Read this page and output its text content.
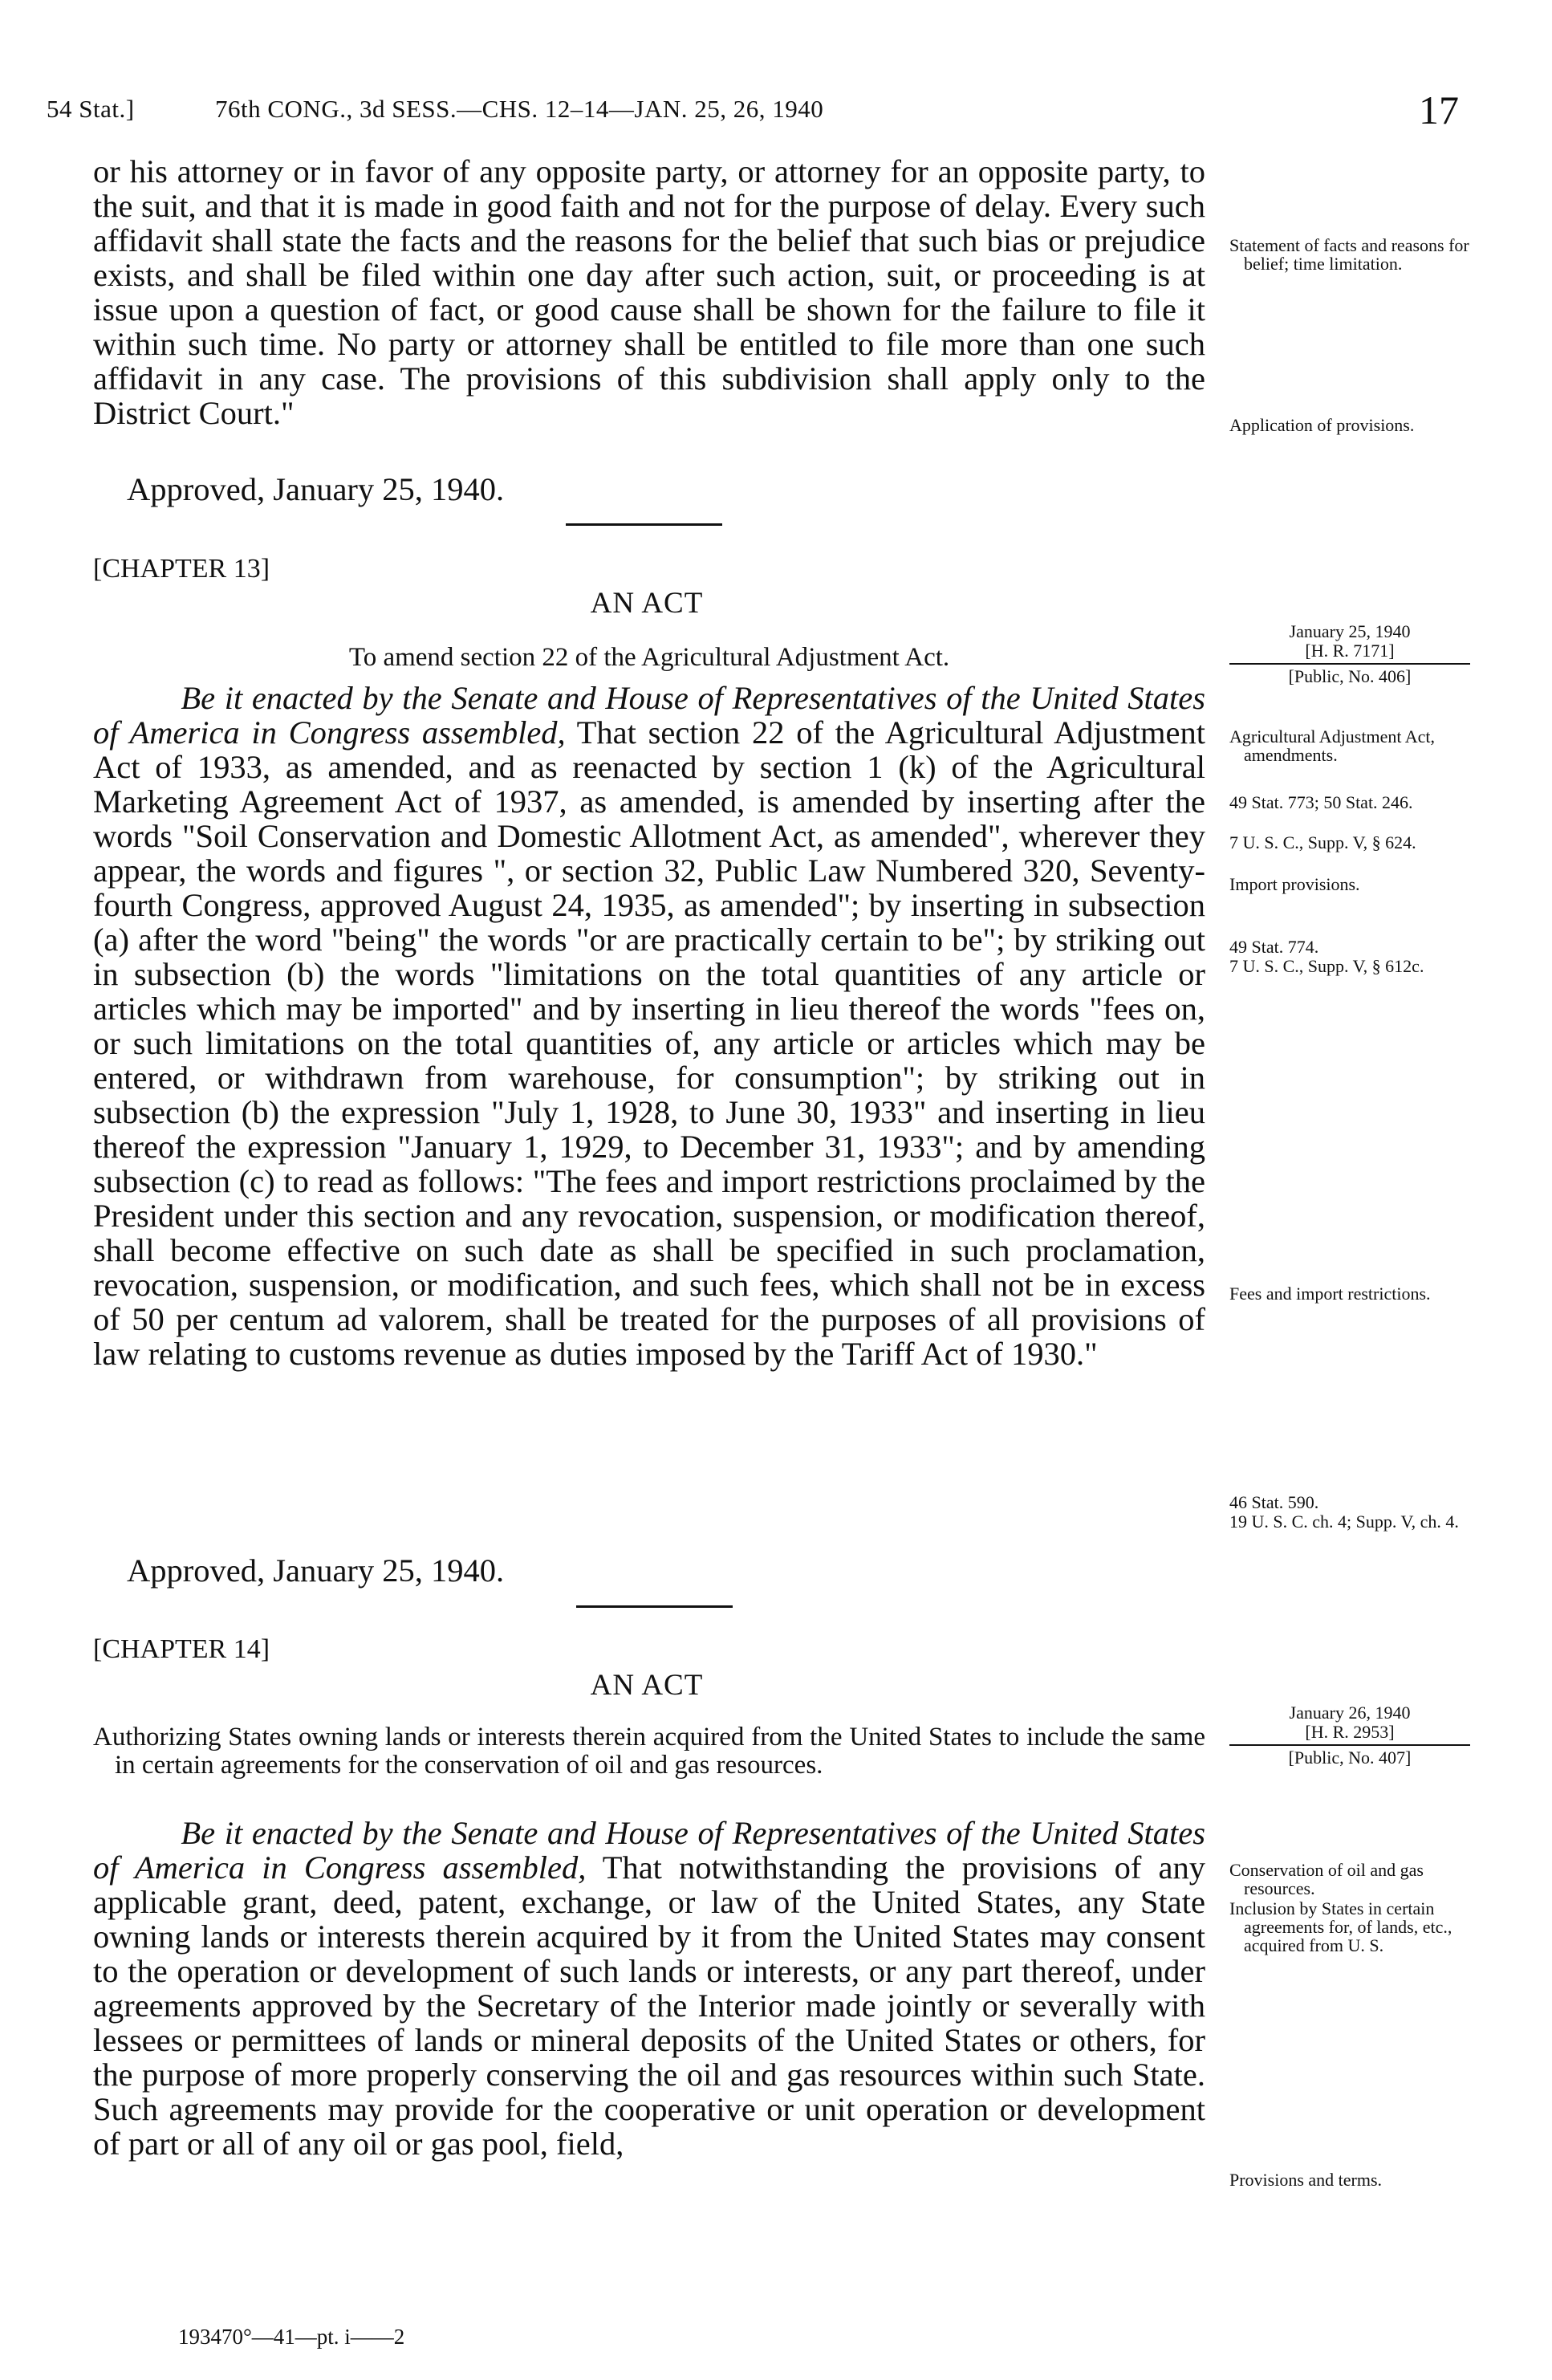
54 Stat.]	76th CONG., 3d SESS.—CHS. 12–14—JAN. 25, 26, 1940	17

or his attorney or in favor of any opposite party, or attorney for an opposite party, to the suit, and that it is made in good faith and not for the purpose of delay. Every such affidavit shall state the facts and the reasons for the belief that such bias or prejudice exists, and shall be filed within one day after such action, suit, or proceeding is at issue upon a question of fact, or good cause shall be shown for the failure to file it within such time. No party or attorney shall be entitled to file more than one such affidavit in any case. The provisions of this subdivision shall apply only to the District Court."

Approved, January 25, 1940.
[CHAPTER 13]
AN ACT
To amend section 22 of the Agricultural Adjustment Act.

Be it enacted by the Senate and House of Representatives of the United States of America in Congress assembled, That section 22 of the Agricultural Adjustment Act of 1933, as amended, and as reenacted by section 1 (k) of the Agricultural Marketing Agreement Act of 1937, as amended, is amended by inserting after the words "Soil Conservation and Domestic Allotment Act, as amended", wherever they appear, the words and figures ", or section 32, Public Law Numbered 320, Seventy-fourth Congress, approved August 24, 1935, as amended"; by inserting in subsection (a) after the word "being" the words "or are practically certain to be"; by striking out in subsection (b) the words "limitations on the total quantities of any article or articles which may be imported" and by inserting in lieu thereof the words "fees on, or such limitations on the total quantities of, any article or articles which may be entered, or withdrawn from warehouse, for consumption"; by striking out in subsection (b) the expression "July 1, 1928, to June 30, 1933" and inserting in lieu thereof the expression "January 1, 1929, to December 31, 1933"; and by amending subsection (c) to read as follows: "The fees and import restrictions proclaimed by the President under this section and any revocation, suspension, or modification thereof, shall become effective on such date as shall be specified in such proclamation, revocation, suspension, or modification, and such fees, which shall not be in excess of 50 per centum ad valorem, shall be treated for the purposes of all provisions of law relating to customs revenue as duties imposed by the Tariff Act of 1930."

Approved, January 25, 1940.
January 25, 1940
[H. R. 7171]
[Public, No. 406]
[CHAPTER 14]
AN ACT
Authorizing States owning lands or interests therein acquired from the United States to include the same in certain agreements for the conservation of oil and gas resources.

Be it enacted by the Senate and House of Representatives of the United States of America in Congress assembled, That notwithstanding the provisions of any applicable grant, deed, patent, exchange, or law of the United States, any State owning lands or interests therein acquired by it from the United States may consent to the operation or development of such lands or interests, or any part thereof, under agreements approved by the Secretary of the Interior made jointly or severally with lessees or permittees of lands or mineral deposits of the United States or others, for the purpose of more properly conserving the oil and gas resources within such State. Such agreements may provide for the cooperative or unit operation or development of part or all of any oil or gas pool, field,

January 26, 1940
[H. R. 2953]
[Public, No. 407]
Statement of facts and reasons for belief; time limitation.
Application of provisions.
Agricultural Adjustment Act, amendments.
49 Stat. 773; 50 Stat. 246.
7 U. S. C., Supp. V, § 624.
Import provisions.
49 Stat. 774.
7 U. S. C., Supp. V, § 612c.
Fees and import restrictions.
46 Stat. 590.
19 U. S. C. ch. 4; Supp. V, ch. 4.
Conservation of oil and gas resources.
Inclusion by States in certain agreements for, of lands, etc., acquired from U. S.
Provisions and terms.
193470°—41—pt. i——2
